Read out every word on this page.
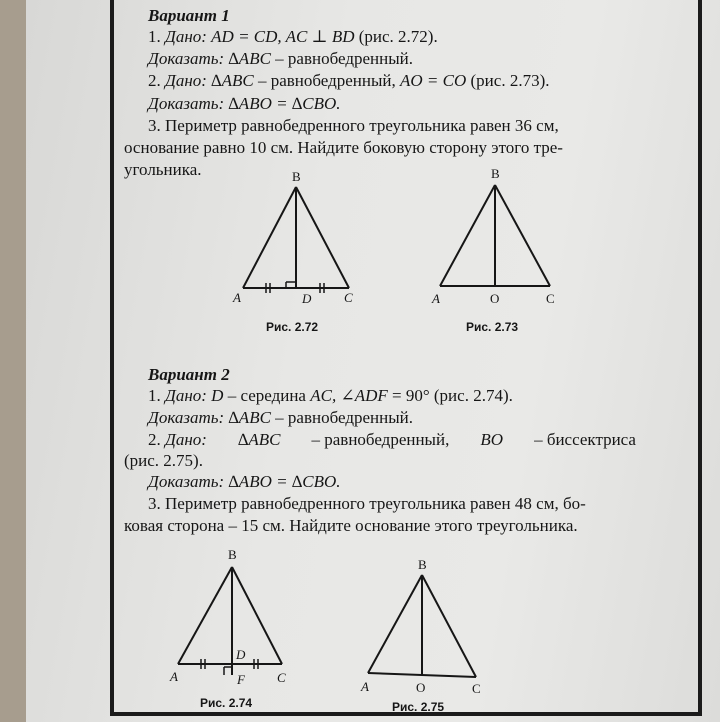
Вариант 1
1. Дано: AD = CD, AC ⊥ BD (рис. 2.72).
Доказать: ∆ABC – равнобедренный.
2. Дано: ∆ABC – равнобедренный, AO = CO (рис. 2.73).
Доказать: ∆ABO = ∆CBO.
3. Периметр равнобедренного треугольника равен 36 см,
основание равно 10 см. Найдите боковую сторону этого тре-
угольника.	B
A	D	C
Рис. 2.72
B
A	O	C
Рис. 2.73
Вариант 2
1. Дано: D – середина AC, ∠ADF = 90° (рис. 2.74).
Доказать: ∆ABC – равнобедренный.
2. Дано: ∆ABC – равнобедренный, BO – биссектриса
(рис. 2.75).
Доказать: ∆ABO = ∆CBO.
3. Периметр равнобедренного треугольника равен 48 см, бо-
ковая сторона – 15 см. Найдите основание этого треугольника.
B
A
D
F C
Рис. 2.74
B
A	O	C
Рис. 2.75
